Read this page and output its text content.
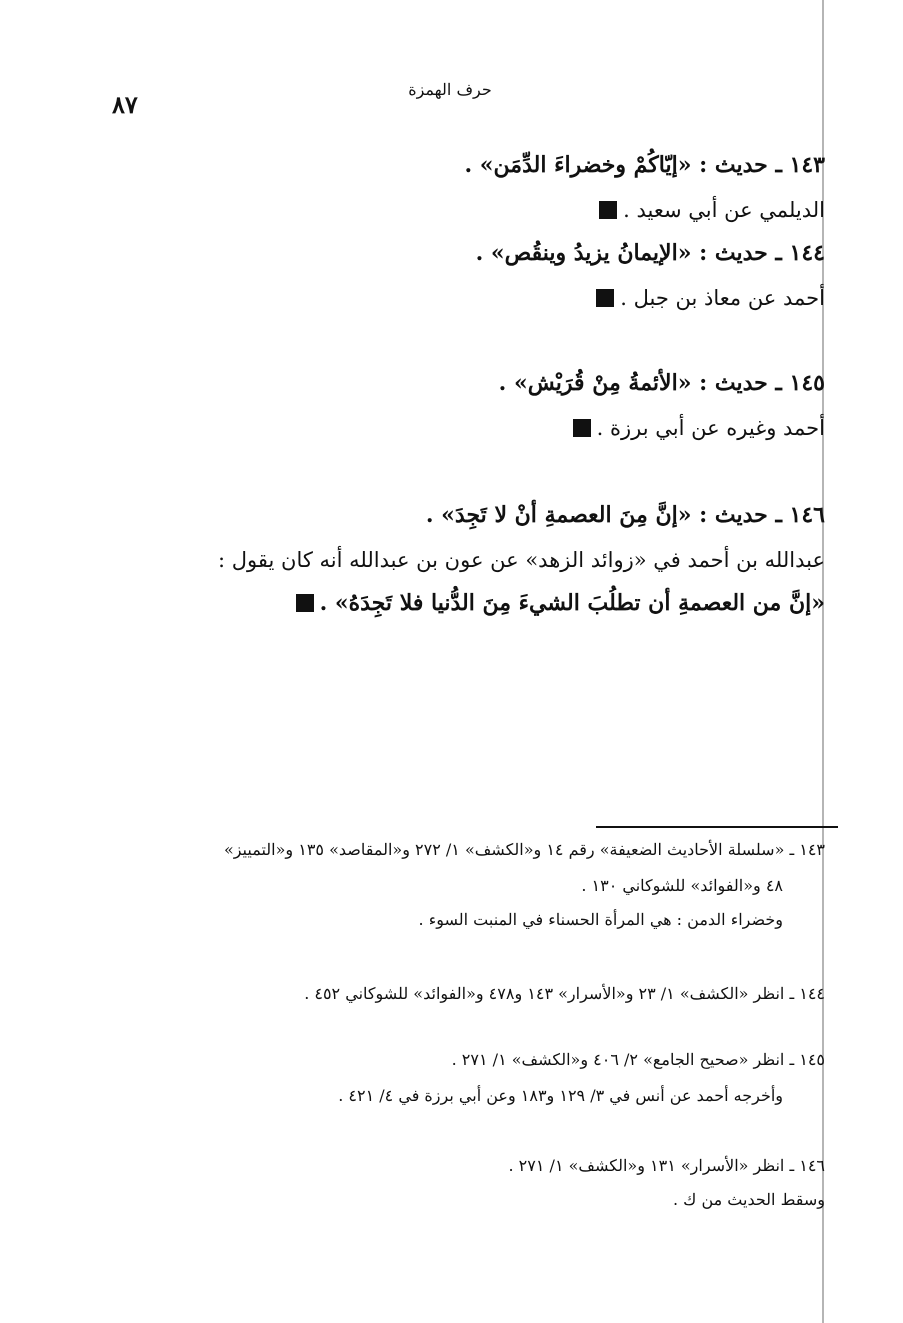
حرف الهمزة
٨٧
١٤٣ ـ حديث : «إيّاكُمْ وخضراءَ الدِّمَن» .
الديلمي عن أبي سعيد .
١٤٤ ـ حديث : «الإيمانُ يزيدُ وينقُص» .
أحمد عن معاذ بن جبل .
١٤٥ ـ حديث : «الأئمةُ مِنْ قُرَيْش» .
أحمد وغيره عن أبي برزة .
١٤٦ ـ حديث : «إنَّ مِنَ العصمةِ أنْ لا تَجِدَ» .
عبدالله بن أحمد في «زوائد الزهد» عن عون بن عبدالله أنه كان يقول :
«إنَّ من العصمةِ أن تطلُبَ الشيءَ مِنَ الدُّنيا فلا تَجِدَهُ» .
١٤٣ ـ «سلسلة الأحاديث الضعيفة» رقم ١٤ و«الكشف» ١/ ٢٧٢ و«المقاصد» ١٣٥ و«التمييز»
٤٨ و«الفوائد» للشوكاني ١٣٠ .
وخضراء الدمن : هي المرأة الحسناء في المنبت السوء .
١٤٤ ـ انظر «الكشف» ١/ ٢٣ و«الأسرار» ١٤٣ و٤٧٨ و«الفوائد» للشوكاني ٤٥٢ .
١٤٥ ـ انظر «صحيح الجامع» ٢/ ٤٠٦ و«الكشف» ١/ ٢٧١ .
وأخرجه أحمد عن أنس في ٣/ ١٢٩ و١٨٣ وعن أبي برزة في ٤/ ٤٢١ .
١٤٦ ـ انظر «الأسرار» ١٣١ و«الكشف» ١/ ٢٧١ .
وسقط الحديث من ك .
